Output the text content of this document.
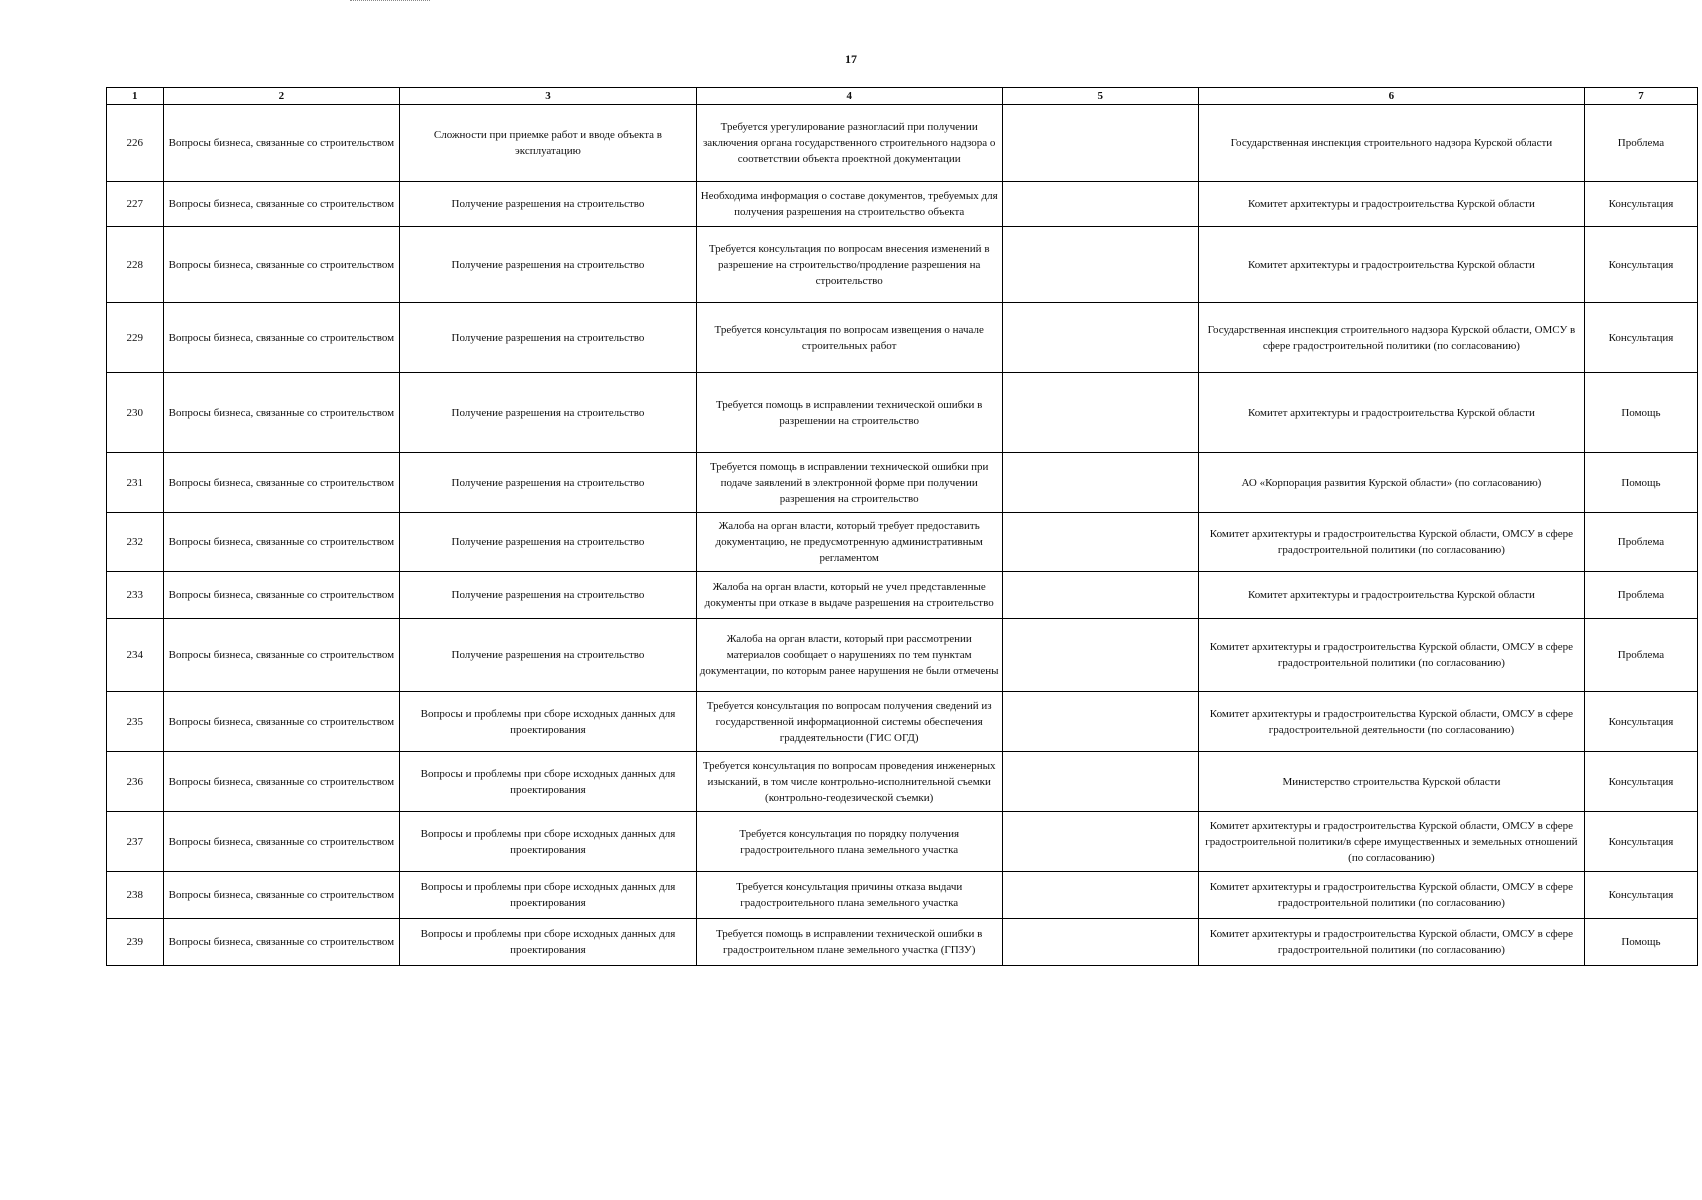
17
1	2	3	4	5	6	7
226	Вопросы бизнеса, связанные со строительством	Сложности при приемке работ и вводе объекта в эксплуатацию	Требуется урегулирование разногласий при получении заключения органа государственного строительного надзора о соответствии объекта проектной документации		Государственная инспекция строительного надзора Курской области	Проблема
227	Вопросы бизнеса, связанные со строительством	Получение разрешения на строительство	Необходима информация о составе документов, требуемых для получения разрешения на строительство объекта		Комитет архитектуры и градостроительства Курской области	Консультация
228	Вопросы бизнеса, связанные со строительством	Получение разрешения на строительство	Требуется консультация по вопросам внесения изменений в разрешение на строительство/продление разрешения на строительство		Комитет архитектуры и градостроительства Курской области	Консультация
229	Вопросы бизнеса, связанные со строительством	Получение разрешения на строительство	Требуется консультация по вопросам извещения о начале строительных работ		Государственная инспекция строительного надзора Курской области, ОМСУ в сфере градостроительной политики (по согласованию)	Консультация
230	Вопросы бизнеса, связанные со строительством	Получение разрешения на строительство	Требуется помощь в исправлении технической ошибки в разрешении на строительство		Комитет архитектуры и градостроительства Курской области	Помощь
231	Вопросы бизнеса, связанные со строительством	Получение разрешения на строительство	Требуется помощь в исправлении технической ошибки при подаче заявлений в электронной форме при получении разрешения на строительство		АО «Корпорация развития Курской области» (по согласованию)	Помощь
232	Вопросы бизнеса, связанные со строительством	Получение разрешения на строительство	Жалоба на орган власти, который требует предоставить документацию, не предусмотренную административным регламентом		Комитет архитектуры и градостроительства Курской области, ОМСУ в сфере градостроительной политики (по согласованию)	Проблема
233	Вопросы бизнеса, связанные со строительством	Получение разрешения на строительство	Жалоба на орган власти, который не учел представленные документы при отказе в выдаче разрешения на строительство		Комитет архитектуры и градостроительства Курской области	Проблема
234	Вопросы бизнеса, связанные со строительством	Получение разрешения на строительство	Жалоба на орган власти, который при рассмотрении материалов сообщает о нарушениях по тем пунктам документации, по которым ранее нарушения не были отмечены		Комитет архитектуры и градостроительства Курской области, ОМСУ в сфере градостроительной политики (по согласованию)	Проблема
235	Вопросы бизнеса, связанные со строительством	Вопросы и проблемы при сборе исходных данных для проектирования	Требуется консультация по вопросам получения сведений из государственной информационной системы обеспечения граддеятельности (ГИС ОГД)		Комитет архитектуры и градостроительства Курской области, ОМСУ в сфере градостроительной деятельности (по согласованию)	Консультация
236	Вопросы бизнеса, связанные со строительством	Вопросы и проблемы при сборе исходных данных для проектирования	Требуется консультация по вопросам проведения инженерных изысканий, в том числе контрольно-исполнительной съемки (контрольно-геодезической съемки)		Министерство строительства Курской области	Консультация
237	Вопросы бизнеса, связанные со строительством	Вопросы и проблемы при сборе исходных данных для проектирования	Требуется консультация по порядку получения градостроительного плана земельного участка		Комитет архитектуры и градостроительства Курской области, ОМСУ в сфере градостроительной политики/в сфере имущественных и земельных отношений (по согласованию)	Консультация
238	Вопросы бизнеса, связанные со строительством	Вопросы и проблемы при сборе исходных данных для проектирования	Требуется консультация причины отказа выдачи градостроительного плана земельного участка		Комитет архитектуры и градостроительства Курской области, ОМСУ в сфере градостроительной политики (по согласованию)	Консультация
239	Вопросы бизнеса, связанные со строительством	Вопросы и проблемы при сборе исходных данных для проектирования	Требуется помощь в исправлении технической ошибки в градостроительном плане земельного участка (ГПЗУ)		Комитет архитектуры и градостроительства Курской области, ОМСУ в сфере градостроительной политики (по согласованию)	Помощь
